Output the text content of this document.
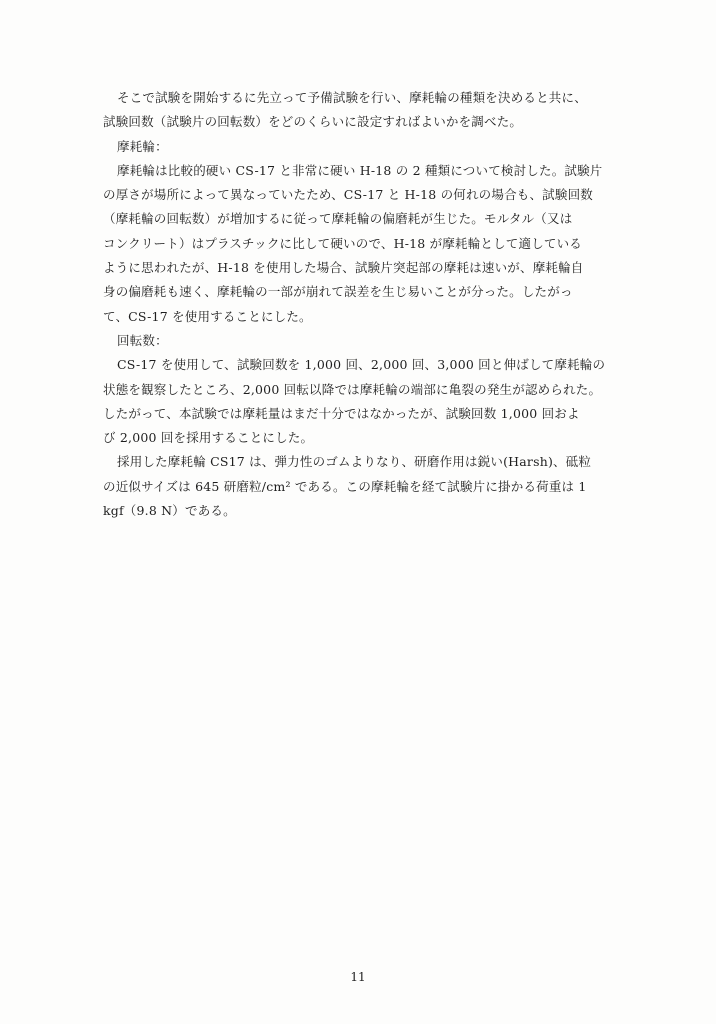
そこで試験を開始するに先立って予備試験を行い、摩耗輪の種類を決めると共に、
試験回数（試験片の回転数）をどのくらいに設定すればよいかを調べた。

摩耗輪：

摩耗輪は比較的硬い CS-17 と非常に硬い H-18 の 2 種類について検討した。試験片
の厚さが場所によって異なっていたため、CS-17 と H-18 の何れの場合も、試験回数
（摩耗輪の回転数）が増加するに従って摩耗輪の偏磨耗が生じた。モルタル（又は
コンクリート）はプラスチックに比して硬いので、H-18 が摩耗輪として適している
ように思われたが、H-18 を使用した場合、試験片突起部の摩耗は速いが、摩耗輪自
身の偏磨耗も速く、摩耗輪の一部が崩れて誤差を生じ易いことが分った。したがっ
て、CS-17 を使用することにした。

回転数：

CS-17 を使用して、試験回数を 1,000 回、2,000 回、3,000 回と伸ばして摩耗輪の
状態を観察したところ、2,000 回転以降では摩耗輪の端部に亀裂の発生が認められた。
したがって、本試験では摩耗量はまだ十分ではなかったが、試験回数 1,000 回およ
び 2,000 回を採用することにした。

採用した摩耗輪 CS17 は、弾力性のゴムよりなり、研磨作用は鋭い(Harsh)、砥粒
の近似サイズは 645 研磨粒/cm² である。この摩耗輪を経て試験片に掛かる荷重は 1
kgf（9.8 N）である。

11
